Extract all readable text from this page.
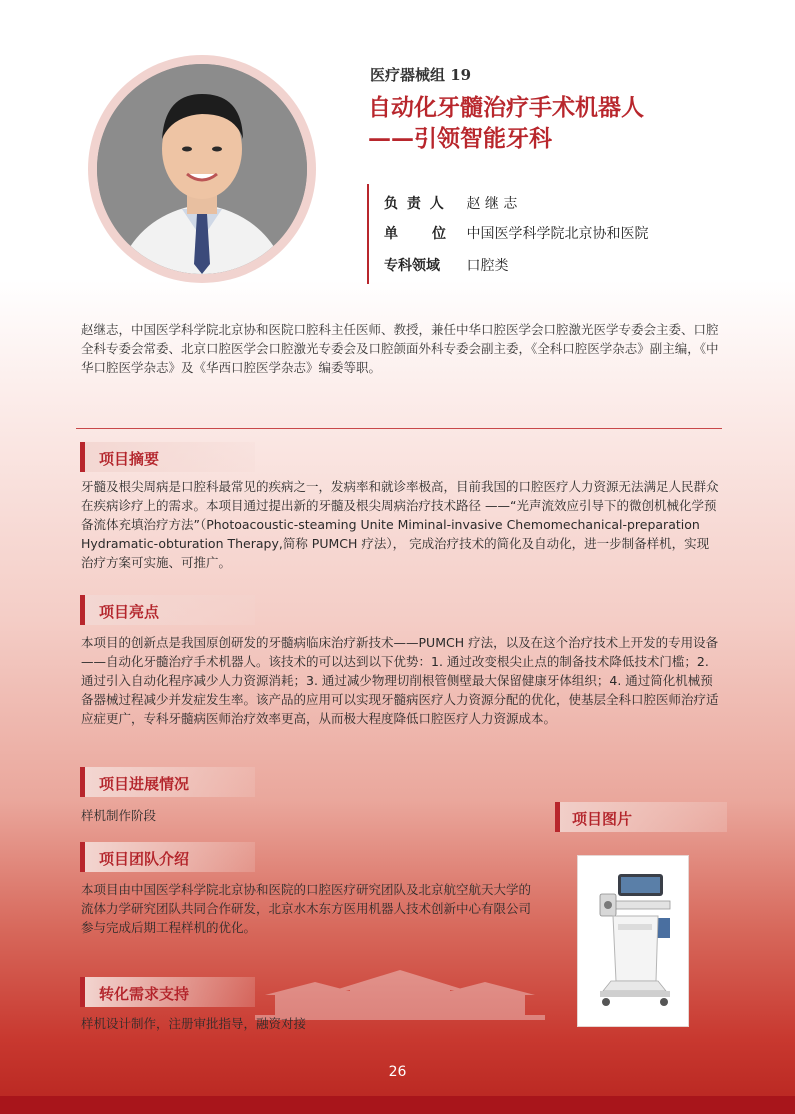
医疗器械组 19
自动化牙髓治疗手术机器人
——引领智能牙科
负 责 人 赵 继 志
单　　位 中国医学科学院北京协和医院
专科领域 口腔类
赵继志，中国医学科学院北京协和医院口腔科主任医师、教授，兼任中华口腔医学会口腔激光医学专委会主委、口腔全科专委会常委、北京口腔医学会口腔激光专委会及口腔颌面外科专委会副主委，《全科口腔医学杂志》副主编，《中华口腔医学杂志》及《华西口腔医学杂志》编委等职。
项目摘要
牙髓及根尖周病是口腔科最常见的疾病之一，发病率和就诊率极高，目前我国的口腔医疗人力资源无法满足人民群众在疾病诊疗上的需求。本项目通过提出新的牙髓及根尖周病治疗技术路径 ——“光声流效应引导下的微创机械化学预备流体充填治疗方法”（Photoacoustic-steaming Unite Miminal-invasive Chemomechanical-preparation Hydramatic-obturation Therapy,简称 PUMCH 疗法）， 完成治疗技术的简化及自动化，进一步制备样机，实现治疗方案可实施、可推广。
项目亮点
本项目的创新点是我国原创研发的牙髓病临床治疗新技术——PUMCH 疗法，以及在这个治疗技术上开发的专用设备——自动化牙髓治疗手术机器人。该技术的可以达到以下优势：1. 通过改变根尖止点的制备技术降低技术门槛；2. 通过引入自动化程序减少人力资源消耗；3. 通过减少物理切削根管侧壁最大保留健康牙体组织；4. 通过简化机械预备器械过程减少并发症发生率。该产品的应用可以实现牙髓病医疗人力资源分配的优化，使基层全科口腔医师治疗适应症更广，专科牙髓病医师治疗效率更高，从而极大程度降低口腔医疗人力资源成本。
项目进展情况
样机制作阶段
项目团队介绍
本项目由中国医学科学院北京协和医院的口腔医疗研究团队及北京航空航天大学的流体力学研究团队共同合作研发，北京水木东方医用机器人技术创新中心有限公司参与完成后期工程样机的优化。
转化需求支持
样机设计制作，注册审批指导，融资对接
项目图片
26
